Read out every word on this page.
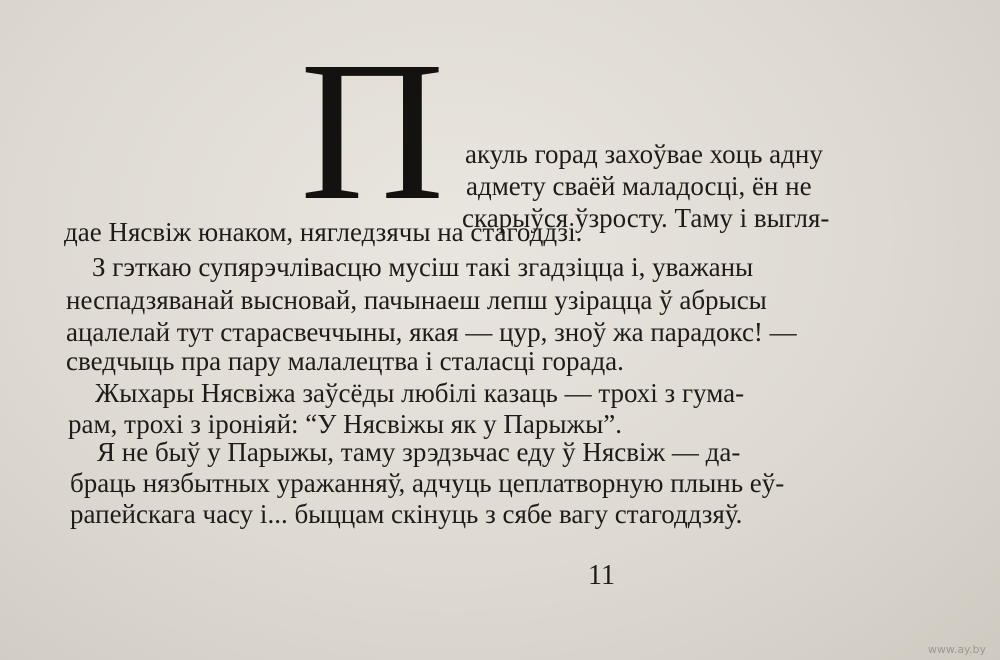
П акуль горад захоўвае хоць адну
адмету сваёй маладосці, ён не
скарыўся ўзросту. Таму і выгля-
дае Нясвіж юнаком, нягледзячы на стагоддзі.
З гэткаю супярэчлівасцю мусіш такі згадзіцца і, уважаны
неспадзяванай высновай, пачынаеш лепш узірацца ў абрысы
ацалелай тут старасвеччыны, якая — цур, зноў жа парадокс! —
сведчыць пра пару малалецтва і сталасці горада.
Жыхары Нясвіжа заўсёды любілі казаць — трохі з гума-
рам, трохі з іроніяй: “У Нясвіжы як у Парыжы”.
Я не быў у Парыжы, таму зрэдзьчас еду ў Нясвіж — да-
браць нязбытных уражанняў, адчуць цеплатворную плынь еў-
рапейскага часу і... быццам скінуць з сябе вагу стагоддзяў.
11
www.ay.by
